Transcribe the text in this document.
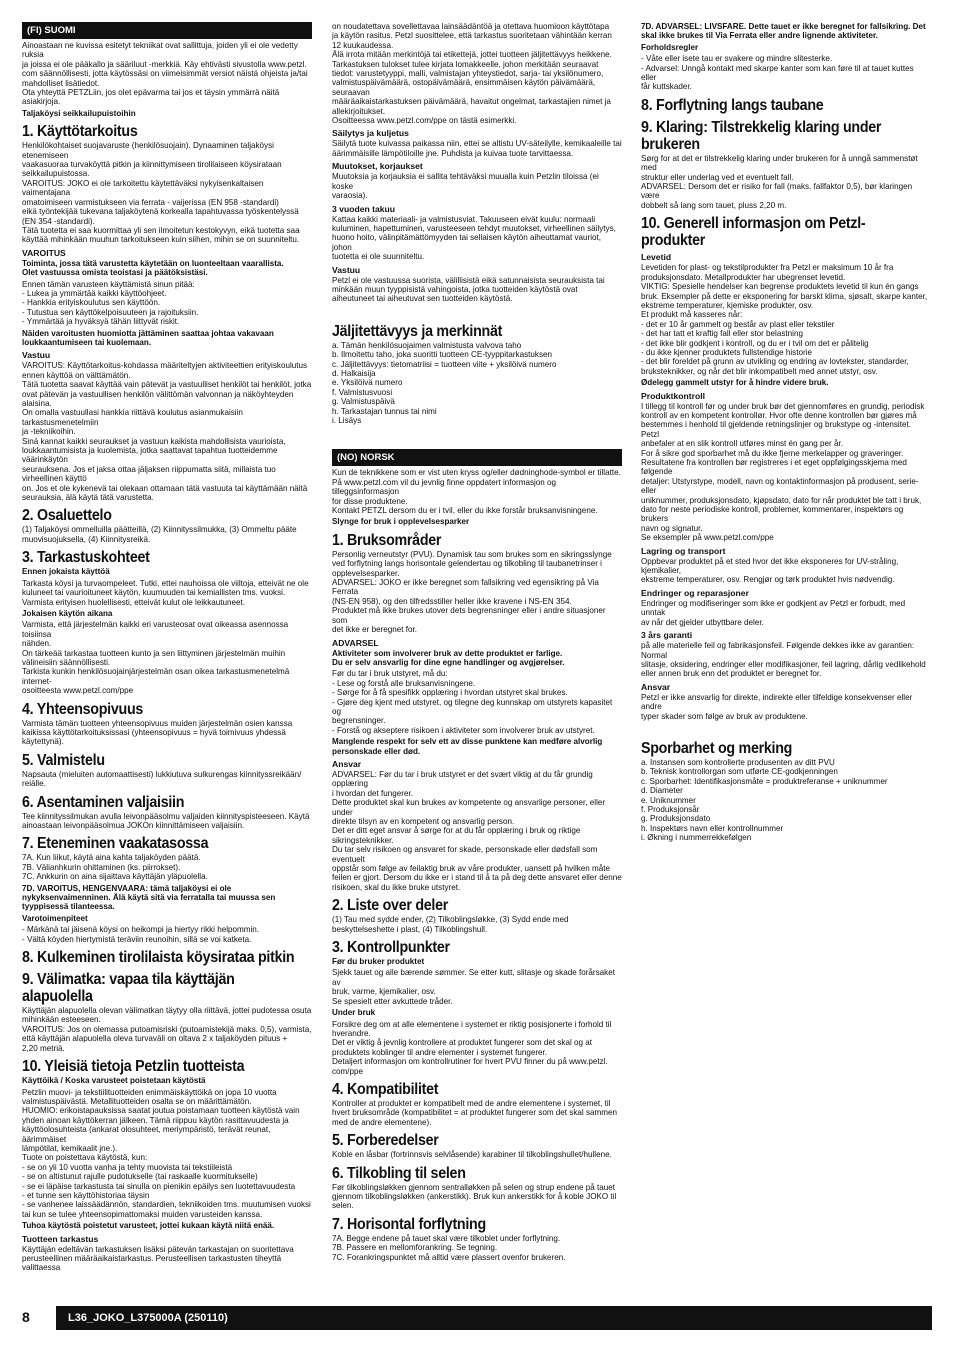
(FI) SUOMI

Ainoastaan ne kuvissa esitetyt tekniikat ovat sallittuja, joiden yli ei ole vedetty ruksia
ja joissa ei ole pääkallo ja sääriluut -merkkiä. Käy ehtivästi sivustolla www.petzl.
com säännöllisesti, jotta käytössäsi on viimeisimmät versiot näistä ohjeista ja/tai
mahdolliset lisätiedot.
Ota yhteyttä PETZLiin, jos olet epävarma tai jos et täysin ymmärrä näitä asiakirjoja.

Taljaköysi seikkailupuistoihin

1. Käyttötarkoitus

Henkilökohtaiset suojavaruste (henkilösuojain). Dynaaminen taljaköysi etenemiseen
vaakasuoraa turvaköyttä pitkin ja kiinnittymiseen tirolilaiseen köysirataan
seikkailupuistossa.
VAROITUS: JOKO ei ole tarkoitettu käytettäväksi nykyisenkaltaisen vaimentajana
omatoimiseen varmistukseen via ferrata - vaijerissa (EN 958 -standardi)
eikä työntekijää tukevana taljaköytenä korkealla tapahtuvassa työskentelyssä
(EN 354 -standardi).
Tätä tuotetta ei saa kuormittaa yli sen ilmoitetun kestokyvyn, eikä tuotetta saa
käyttää mihinkään muuhun tarkoitukseen kuin siihen, mihin se on suunniteltu.

VAROITUS

Toiminta, jossa tätä varustetta käytetään on luonteeltaan vaarallista.
Olet vastuussa omista teoistasi ja päätöksistäsi.

Ennen tämän varusteen käyttämistä sinun pitää:
- Lukea ja ymmärtää kaikki käyttöohjeet.
- Hankkia erityiskoulutus sen käyttöön.
- Tutustua sen käyttökelpoisuuteen ja rajoituksiin.
- Ymmärtää ja hyväksyä tähän liittyvät riskit.

Näiden varoitusten huomiotta jättäminen saattaa johtaa vakavaan
loukkaantumiseen tai kuolemaan.

Vastuu

VAROITUS: Käyttötarkoitus-kohdassa määriteltyjen aktiviteettien erityiskoulutus
ennen käyttöä on välttämätön.
Tätä tuotetta saavat käyttää vain pätevät ja vastuulliset henkilöt tai henkilöt, jotka
ovat pätevän ja vastuullisen henkilön välittömän valvonnan ja näköyhteyden alaisina.
On omalla vastuullasi hankkia riittävä koulutus asianmukaisiin tarkastusmenetelmiin
ja -tekniikoihin.
Sinä kannat kaikki seuraukset ja vastuun kaikista mahdollisista vaurioista,
loukkaantumisista ja kuolemista, jotka saattavat tapahtua tuotteidemme väärinkäytön
seurauksena. Jos et jaksa ottaa jäljaksen riippumatta siitä, millaista tuo virheellinen käyttö
on. Jos et ole kykenevä tai olekaan ottamaan tätä vastuuta tai käyttämään näitä
seurauksia, älä käytä tätä varustetta.

2. Osaluettelo

(1) Taljaköysi ommelluilla päätteillä, (2) Kiinnityssilmukka, (3) Ommeltu pääte
muovisuojuksella, (4) Kiinnitysreikä.

3. Tarkastuskohteet

Ennen jokaista käyttöä

Tarkasta köysi ja turvaompeleet. Tutki, ettei nauhoissa ole viiltoja, etteivät ne ole
kuluneet tai vaurioituneet käytön, kuumuuden tai kemiallisten tms. vuoksi.
Varmista erityisen huolellisesti, etteivät kulut ole leikkautuneet.

Jokaisen käytön aikana

Varmista, että järjestelmän kaikki eri varusteosat ovat oikeassa asennossa toisiinsa
nähden.
On tärkeää tarkastaa tuotteen kunto ja sen liittyminen järjestelmän muihin
välineisiin säännöllisesti.
Tarkista kunkin henkilösuojainjärjestelmän osan oikea tarkastusmenetelmä internet-
osoitteesta www.petzl.com/ppe

4. Yhteensopivuus

Varmista tämän tuotteen yhteensopivuus muiden järjestelmän osien kanssa
kaikissa käyttötarkoituksissasi (yhteensopivuus = hyvä toimivuus yhdessä
käytettynä).

5. Valmistelu

Napsauta (mieluiten automaattisesti) lukkiutuva sulkurengas kiinnityssreikään/
reiälle.

6. Asentaminen valjaisiin

Tee kiinnityssilmukan avulla leivonpääsolmu valjaiden kiinnityspisteeseen. Käytä
ainoastaan leivonpääsolmua JOKOn kiinnittämiseen valjaisiin.

7. Eteneminen vaakatasossa

7A. Kun liikut, käytä aina kahta taljaköyden päätä.
7B. Välianhkurin ohittaminen (ks. piirrokset).
7C. Ankkurin on aina sijaittava käyttäjän yläpuolella.

7D. VAROITUS, HENGENVAARA: tämä taljaköysi ei ole
nykyksenvaimenninen. Älä käytä sitä via ferratalla tai muussa sen
tyyppisessä tilanteessa.

Varotoimenpiteet

- Märkänä tai jäisenä köysi on heikompi ja hiertyy rikki helpommin.
- Vältä köyden hiertymistä teräviin reunoihin, sillä se voi katketa.

8. Kulkeminen tirolilaista köysirataa pitkin
9. Välimatka: vapaa tila käyttäjän
alapuolella

Käyttäjän alapuolella olevan välimatkan täytyy olla riittävä, jottei pudotessa osuta
mihinkään esteeseen.
VAROITUS: Jos on olemassa putoamisriski (putoamistekijä maks. 0,5), varmista,
että käyttäjän alapuolella oleva turvaväli on oltava 2 x taljaköyden pituus +
2,20 metriä.

10. Yleisiä tietoja Petzlin tuotteista

Käyttöikä / Koska varusteet poistetaan käytöstä

Petzlin muovi- ja tekstiilituotteiden enimmäiskäyttöikä on jopa 10 vuotta
valmistuspäivästä. Metallituotteiden osalta se on määrittämätön.
HUOMIO: erikoistapauksissa saatat joutua poistamaan tuotteen käytöstä vain
yhden ainoan käyttökerran jälkeen. Tämä riippuu käytön rasittavuudesta ja
käyttöolosuhteista (ankarat olosuhteet, meriympäristö, terävät reunat, äärimmäiset
lämpötilat, kemikaalit jne.).
Tuote on poistettava käytöstä, kun:
- se on yli 10 vuotta vanha ja tehty muovista tai tekstiileistä
- se on altistunut rajulle pudotukselle (tai raskaalle kuormitukselle)
- se ei läpäise tarkastusta tai sinulla on pienikin epäilys sen luotettavuudesta
- et tunne sen käyttöhistoriaa täysin
- se vanhenee laissäädännön, standardien, tekniikoiden tms. muutumisen vuoksi
tai kun se tulee yhteensopimattomaksi muiden varusteiden kanssa.

Tuhoa käytöstä poistetut varusteet, jottei kukaan käytä niitä enää.

Tuotteen tarkastus

Käyttäjän edeltävän tarkastuksen lisäksi pätevän tarkastajan on suoritettava
perusteellinen määräaikaistarkastus. Perusteellisen tarkastusten tiheyttä valittaessa

on noudatettava sovellettavaa lainsäädäntöä ja otettava huomioon käyttötapa
ja käytön rasitus. Petzl suosittelee, että tarkastus suoritetaan vähintään kerran
12 kuukaudessa.
Älä irrota mitään merkintöjä tai etikettejä, jottei tuotteen jäljitettävyys heikkene.
Tarkastuksen tulokset tulee kirjata lomakkeelle, johon merkitään seuraavat
tiedot: varustetyyppi, malli, valmistajan yhteystiedot, sarja- tai yksilönumero,
valmistuspäivämäärä, ostopäivämäärä, ensimmäisen käytön päivämäärä, seuraavan
määräaikaistarkastuksen päivämäärä, havaitut ongelmat, tarkastajien nimet ja
allekirjoitukset.
Osoitteessa www.petzl.com/ppe on tästä esimerkki.

Säilytys ja kuljetus

Säilytä tuote kuivassa paikassa niin, ettei se altistu UV-säteilylle, kemikaaleille tai
äärimmäisille lämpötiloille jne. Puhdista ja kuivaa tuote tarvittaessa.

Muutokset, korjaukset

Muutoksia ja korjauksia ei sallita tehtäväksi muualla kuin Petzlin tiloissa (ei koske
varaosia).

3 vuoden takuu

Kattaa kaikki materiaali- ja valmistusviat. Takuuseen eivät kuulu: normaali
kuluminen, hapettuminen, varusteeseen tehdyt muutokset, virheellinen säilytys,
huono hoito, välinpitämättömyyden tai sellaisen käytön aiheuttamat vauriot, johon
tuotetta ei ole suunniteltu.

Vastuu

Petzl ei ole vastuussa suorista, välillisistä eikä satunnaisista seurauksista tai
minkään muun tyyppisistä vahingoista, jotka tuotteiden käytöstä ovat
aiheutuneet tai aiheutuvat sen tuotteiden käytöstä.

Jäljitettävyys ja merkinnät

a. Tämän henkilösuojaimen valmistusta valvova taho
b. Ilmoitettu taho, joka suoritti tuotteen CE-tyyppitarkastuksen
c. Jäljitettävyys: tietomatriisi = tuotteen viite + yksilöivä numero
d. Halkaisija
e. Yksilöivä numero
f. Valmistusvuosi
g. Valmistuspäivä
h. Tarkastajan tunnus tai nimi
i. Lisäys

(NO) NORSK

Kun de teknikkene som er vist uten kryss og/eller dødninghode-symbol er tillatte.
På www.petzl.com vil du jevnlig finne oppdatert informasjon og tilleggsinformasjon
for disse produktene.
Kontakt PETZL dersom du er i tvil, eller du ikke forstår bruksanvisningene.

Slynge for bruk i opplevelsesparker

1. Bruksområder

Personlig verneutstyr (PVU). Dynamisk tau som brukes som en sikringsslynge
ved forflytning langs horisontale gelendertau og tilkobling til taubanetrinser i
opplevelsesparker.
ADVARSEL: JOKO er ikke beregnet som fallsikring ved egensikring på Via Ferrata
(NS-EN 958), og den tilfredsstiller heller ikke kravene i NS-EN 354.
Produktet må ikke brukes utover dets begrensninger eller i andre situasjoner som
det ikke er beregnet for.

ADVARSEL

Aktiviteter som involverer bruk av dette produktet er farlige.
Du er selv ansvarlig for dine egne handlinger og avgjørelser.

Før du tar i bruk utstyret, må du:
- Lese og forstå alle bruksanvisningene.
- Sørge for å få spesifikk opplæring i hvordan utstyret skal brukes.
- Gjøre deg kjent med utstyret, og tilegne deg kunnskap om utstyrets kapasitet og
begrensninger.
- Forstå og akseptere risikoen i aktiviteter som involverer bruk av utstyret.

Manglende respekt for selv ett av disse punktene kan medføre alvorlig
personskade eller død.

Ansvar

ADVARSEL: Før du tar i bruk utstyret er det svært viktig at du får grundig opplæring
i hvordan det fungerer.
Dette produktet skal kun brukes av kompetente og ansvarlige personer, eller under
direkte tilsyn av en kompetent og ansvarlig person.
Det er ditt eget ansvar å sørge for at du får opplæring i bruk og riktige
sikringsteknikker.
Du tar selv risikoen og ansvaret for skade, personskade eller dødsfall som eventuelt
oppstår som følge av feilaktig bruk av våre produkter, uansett på hvilken måte
feilen er gjort. Dersom du ikke er i stand til å ta på deg dette ansvaret eller denne
risikoen, skal du ikke bruke utstyret.

2. Liste over deler

(1) Tau med sydde ender, (2) Tilkoblingsløkke, (3) Sydd ende med
beskyttelseshette i plast, (4) Tilkoblingshull.

3. Kontrollpunkter

Før du bruker produktet

Sjekk tauet og alle bærende sømmer. Se etter kutt, slitasje og skade forårsaket av
bruk, varme, kjemikalier, osv.
Se spesielt etter avkuttede tråder.

Under bruk

Forsikre deg om at alle elementene i systemet er riktig posisjonerte i forhold til
hverandre.
Det er viktig å jevnlig kontrollere at produktet fungerer som det skal og at
produktets koblinger til andre elementer i systemet fungerer.
Detaljert informasjon om kontrollrutiner for hvert PVU finner du på www.petzl.
com/ppe

4. Kompatibilitet

Kontroller at produktet er kompatibelt med de andre elementene i systemet, til
hvert bruksområde (kompatibilitet = at produktet fungerer som det skal sammen
med de andre elementene).

5. Forberedelser

Koble en låsbar (fortrinnsvis selvlåsende) karabiner til tilkoblingshullet/hullene.

6. Tilkobling til selen

Før tilkoblingsløkken gjennom sentralløkken på selen og strup endene på tauet
gjennom tilkoblingsløkken (ankerstikk). Bruk kun ankerstikk for å koble JOKO til
selen.

7. Horisontal forflytning

7A. Begge endene på tauet skal være tilkoblet under forflytning.
7B. Passere en mellomforankring. Se tegning.
7C. Forankringspunktet må alltid være plassert ovenfor brukeren.

7D. ADVARSEL: LIVSFARE. Dette tauet er ikke beregnet for fallsikring. Det
skal ikke brukes til Via Ferrata eller andre lignende aktiviteter.

Forholdsregler

- Våte eller isete tau er svakere og mindre slitesterke.
- Advarsel: Unngå kontakt med skarpe kanter som kan føre til at tauet kuttes eller
får kuttskader.

8. Forflytning langs taubane
9. Klaring: Tilstrekkelig klaring under
brukeren

Sørg for at det er tilstrekkelig klaring under brukeren for å unngå sammenstøt med
struktur eller underlag ved et eventuelt fall.
ADVARSEL: Dersom det er risiko for fall (maks. fallfaktor 0,5), bør klaringen være
dobbelt så lang som tauet, pluss 2,20 m.

10. Generell informasjon om Petzl-
produkter
Levetid

Levetiden for plast- og tekstilprodukter fra Petzl er maksimum 10 år fra
produksjonsdato. Metallprodukter har ubegrenset levetid.
VIKTIG: Spesielle hendelser kan begrense produktets levetid til kun én gangs
bruk. Eksempler på dette er eksponering for barskt klima, sjøsalt, skarpe kanter,
ekstreme temperaturer, kjemiske produkter, osv.
Et produkt må kasseres når:
- det er 10 år gammelt og består av plast eller tekstiler
- det har tatt et kraftig fall eller stor belastning
- det ikke blir godkjent i kontroll, og du er i tvil om det er pålitelig
- du ikke kjenner produktets fullstendige historie
- det blir foreldet på grunn av utvikling og endring av lovtekster, standarder,
bruksteknikker, og når det blir inkompatibelt med annet utstyr, osv.

Ødelegg gammelt utstyr for å hindre videre bruk.

Produktkontroll

I tillegg til kontroll før og under bruk bør det gjennomføres en grundig, periodisk
kontroll av en kompetent kontrollør. Hvor ofte denne kontrollen bør gjøres må
bestemmes i henhold til gjeldende retningslinjer og brukstype og -intensitet. Petzl
anbefaler at en slik kontroll utføres minst én gang per år.
For å sikre god sporbarhet må du ikke fjerne merkelapper og graveringer.
Resultatene fra kontrollen bør registreres i et eget oppfølgingsskjema med følgende
detaljer: Utstyrstype, modell, navn og kontaktinformasjon på produsent, serie- eller
uniknummer, produksjonsdato, kjøpsdato, dato for når produktet ble tatt i bruk,
dato for neste periodiske kontroll, problemer, kommentarer, inspektørs og brukers
navn og signatur.
Se eksempler på www.petzl.com/ppe

Lagring og transport

Oppbevar produktet på et sted hvor det ikke eksponeres for UV-stråling, kjemikalier,
ekstreme temperaturer, osv. Rengjør og tørk produktet hvis nødvendig.

Endringer og reparasjoner

Endringer og modifiseringer som ikke er godkjent av Petzl er forbudt, med unntak
av når det gjelder utbyttbare deler.

3 års garanti

på alle materielle feil og fabrikasjonsfeil. Følgende dekkes ikke av garantien: Normal
slitasje, oksidering, endringer eller modifikasjoner, feil lagring, dårlig vedlikehold
eller annen bruk enn det produktet er beregnet for.

Ansvar

Petzl er ikke ansvarlig for direkte, indirekte eller tilfeldige konsekvenser eller andre
typer skader som følge av bruk av produktene.

Sporbarhet og merking

a. Instansen som kontrollerte produsenten av ditt PVU
b. Teknisk kontrollorgan som utførte CE-godkjenningen
c. Sporbarhet: Identifikasjonsmåte = produktreferanse + uniknummer
d. Diameter
e. Uniknummer
f. Produksjonsår
g. Produksjonsdato
h. Inspektørs navn eller kontrollnummer
i. Økning i nummerrekkefølgen

8	L36_JOKO_L375000A (250110)
